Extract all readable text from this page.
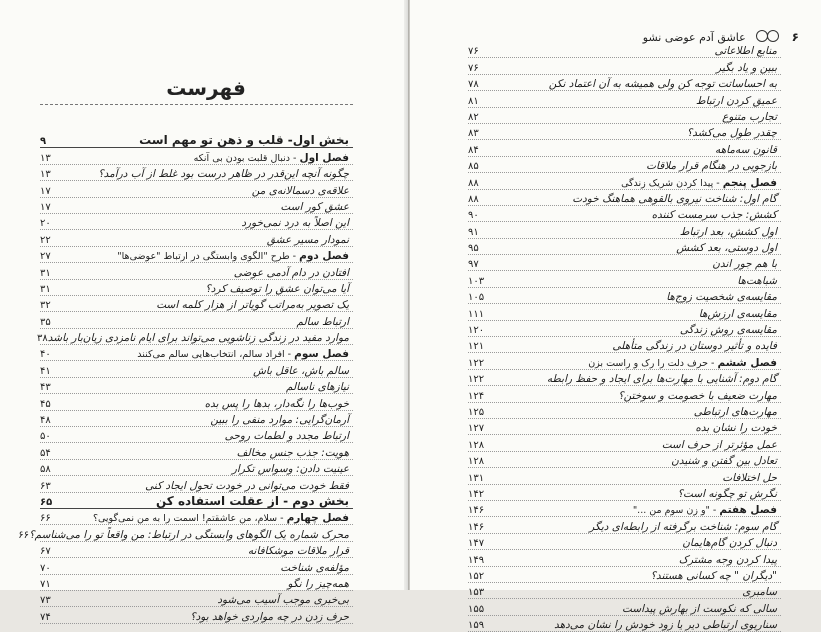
فهرست
بخش اول- قلب و ذهن تو مهم است
۹
فصل اول - دنبال قلبت بودن بی آنکه
۱۳
چگونه آنچه این‌قدر در ظاهر درست بود غلط از آب درآمد؟
۱۳
علاقه‌ی دسمالانه‌ی من
۱۷
عشق کور است
۱۷
این اصلاً به درد نمی‌خورد
۲۰
نمودار مسیر عشق
۲۲
فصل دوم - طرح "الگوی وابستگی در ارتباط "عوضی‌ها"
۲۷
افتادن در دام آدمی عوضی
۳۱
آیا می‌توان عشق را توصیف کرد؟
۳۱
یک تصویر به‌مراتب گویاتر از هزار کلمه است
۳۲
ارتباط سالم
۳۵
موارد مفید در زندگی زناشویی می‌تواند برای ایام نامزدی زیان‌بار باشد
۳۸
فصل سوم - افراد سالم، انتخاب‌هایی سالم می‌کنند
۴۰
سالم باش، عاقل باش
۴۱
نیازهای ناسالم
۴۳
خوب‌ها را نگه‌دار، بدها را پس بده
۴۵
آرمان‌گرایی: موارد منفی را ببین
۴۸
ارتباط مجدد و لطمات روحی
۵۰
هویت: جذب جنس مخالف
۵۴
عینیت دادن: وسواس تکرار
۵۸
فقط خودت می‌توانی در خودت تحول ایجاد کنی
۶۳
بخش دوم - از عقلت استفاده کن
۶۵
فصل چهارم - سلام، من عاشقتم! اسمت را به من نمی‌گویی؟
۶۶
محرک شماره یک الگوهای وابستگی در ارتباط: من واقعاً تو را می‌شناسم؟
۶۶
قرار ملاقات موشکافانه
۶۷
مؤلفه‌ی شناخت
۷۰
همه‌چیز را نگو
۷۱
بی‌خبری موجب آسیب می‌شود
۷۳
حرف زدن در چه مواردی خواهد بود؟
۷۴
۶
عاشق آدم عوضی نشو
منابع اطلاعاتی
۷۶
ببین و یاد بگیر
۷۶
به احساساتت توجه کن ولی همیشه به آن اعتماد نکن
۷۸
عمیق کردن ارتباط
۸۱
تجارب متنوع
۸۲
چقدر طول می‌کشد؟
۸۳
قانون سه‌ماهه
۸۴
بازجویی در هنگام قرار ملاقات
۸۵
فصل پنجم - پیدا کردن شریک زندگی
۸۸
گام اول: شناخت نیروی بالقوهی هماهنگ خودت
۸۸
کشش: جذب سرمست کننده
۹۰
اول کشش، بعد ارتباط
۹۱
اول دوستی، بعد کشش
۹۵
با هم جور اندن
۹۷
شباهت‌ها
۱۰۳
مقایسه‌ی شخصیت زوج‌ها
۱۰۵
مقایسه‌ی ارزش‌ها
۱۱۱
مقایسه‌ی روش زندگی
۱۲۰
فایده و تأثیر دوستان در زندگی متأهلی
۱۲۱
فصل ششم - حرف دلت را رک و راست بزن
۱۲۲
گام دوم: آشنایی با مهارت‌ها برای ایجاد و حفظ رابطه
۱۲۲
مهارت ضعیف با خصومت و سوختن؟
۱۲۴
مهارت‌های ارتباطی
۱۲۵
خودت را نشان بده
۱۲۷
عمل مؤثرتر از حرف است
۱۲۸
تعادل بین گفتن و شنیدن
۱۲۸
حل اختلافات
۱۳۱
نگرش تو چگونه است؟
۱۴۲
فصل هفتم - "و زن سوم من ..."
۱۴۶
گام سوم: شناخت برگرفته از رابطه‌ای دیگر
۱۴۶
دنبال کردن گام‌هایمان
۱۴۷
پیدا کردن وجه مشترک
۱۴۹
"دیگران " چه کسانی هستند؟
۱۵۲
سامبری
۱۵۳
سالی که نکوست از بهارش پیداست
۱۵۵
سناریوی ارتباطی دیر یا زود خودش را نشان می‌دهد
۱۵۹
